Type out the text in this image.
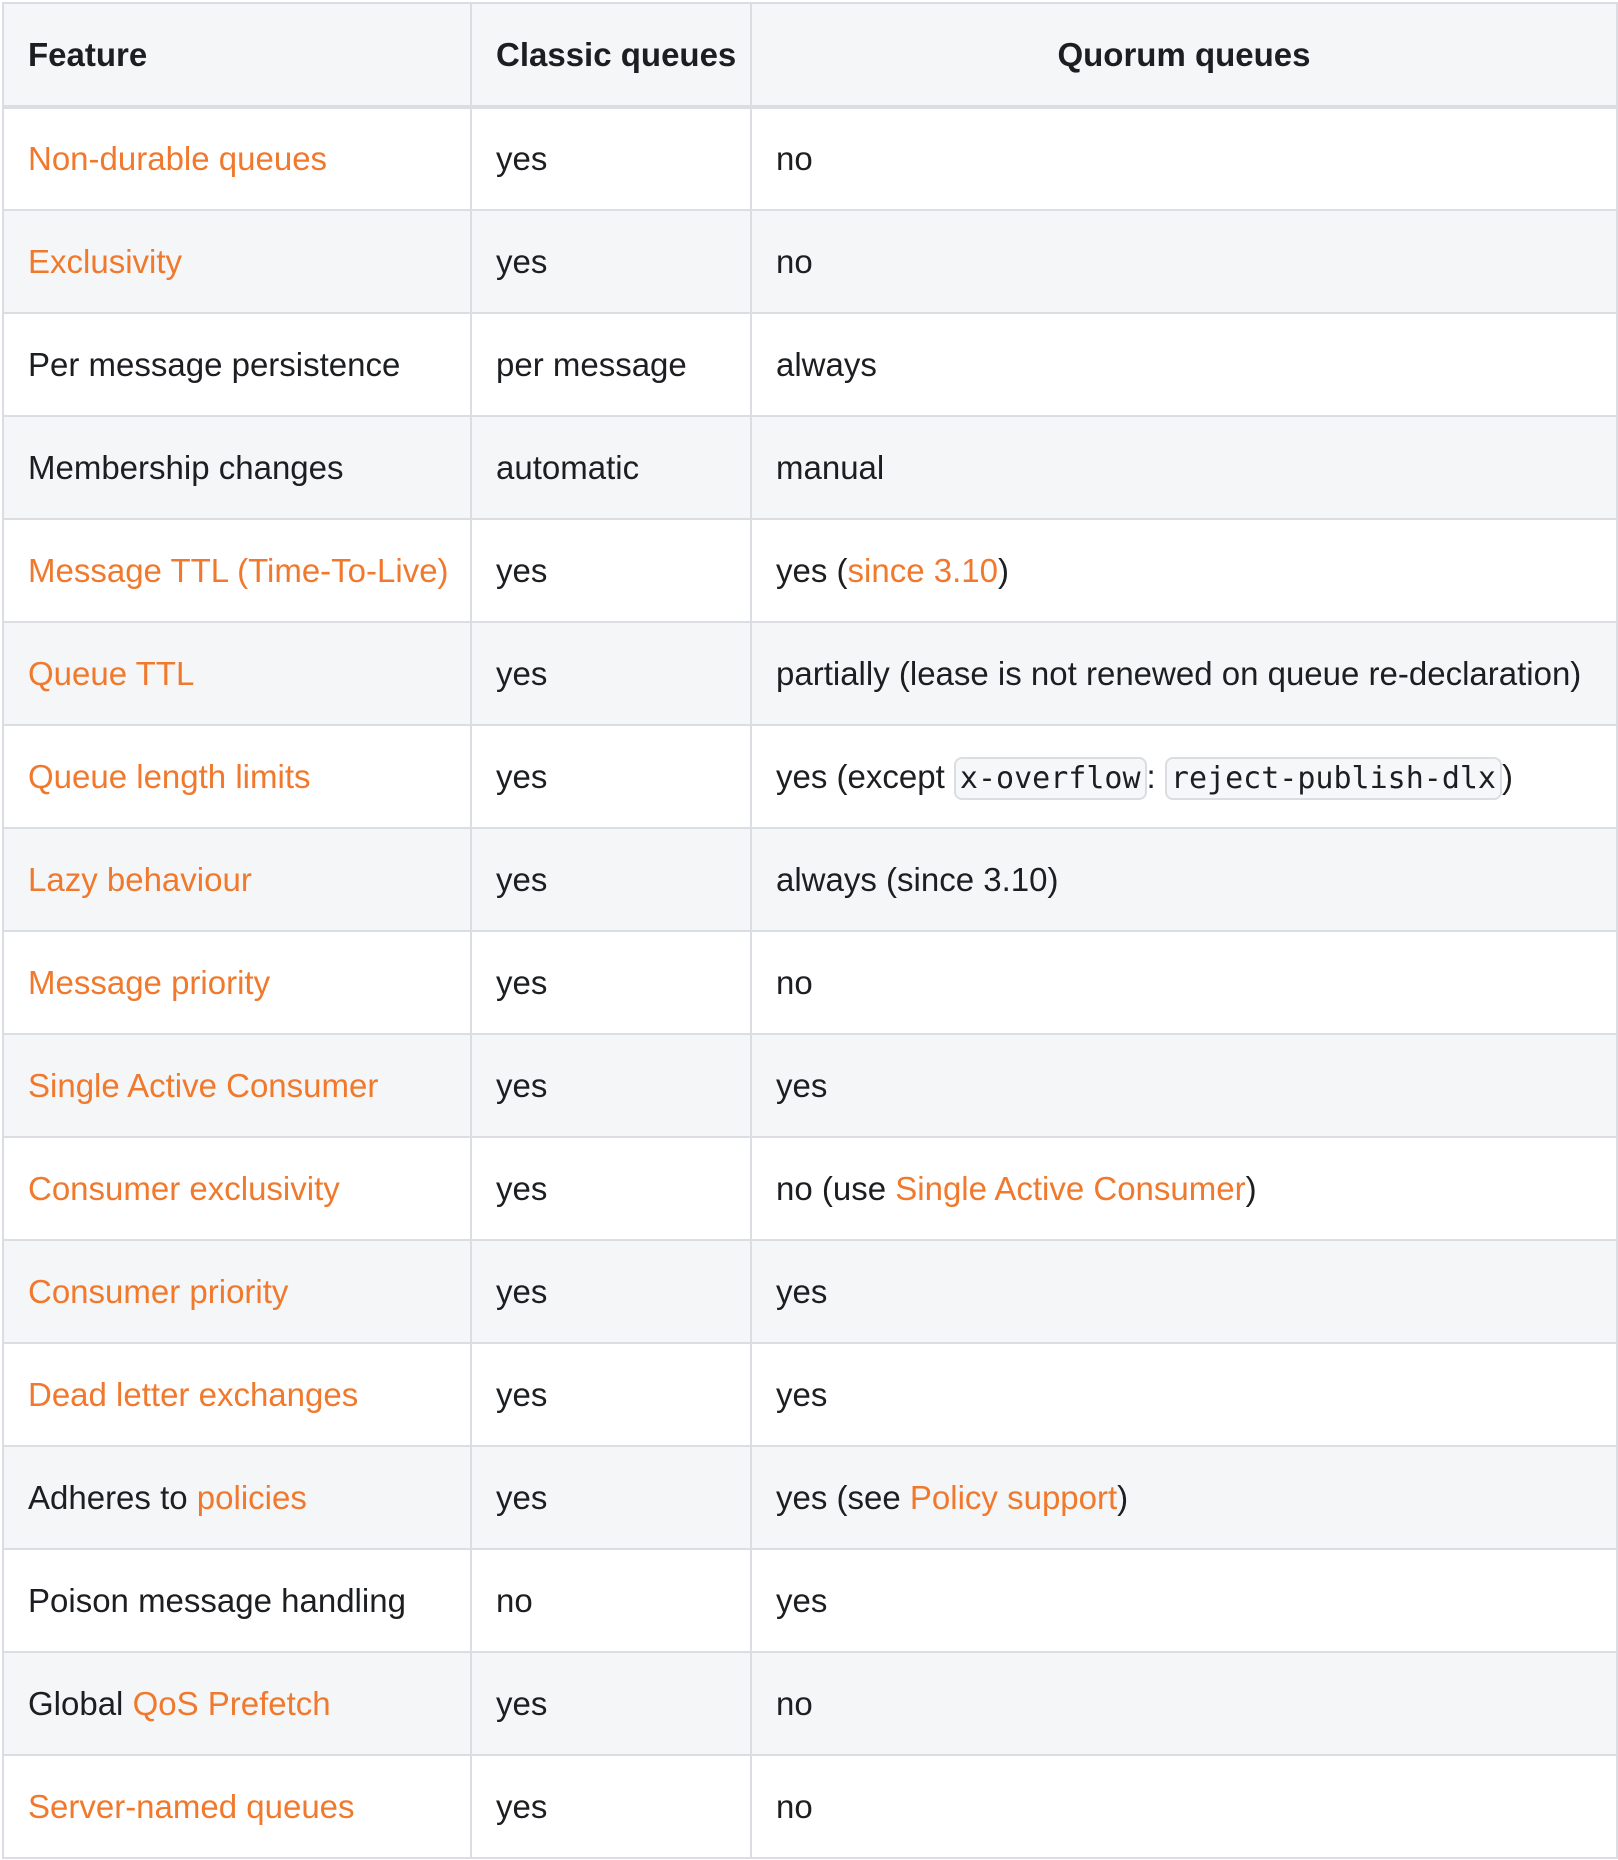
Feature	Classic queues	Quorum queues
Non-durable queues	yes	no
Exclusivity	yes	no
Per message persistence	per message	always
Membership changes	automatic	manual
Message TTL (Time-To-Live)	yes	yes (since 3.10)
Queue TTL	yes	partially (lease is not renewed on queue re-declaration)
Queue length limits	yes	yes (except x-overflow : reject-publish-dlx )
Lazy behaviour	yes	always (since 3.10)
Message priority	yes	no
Single Active Consumer	yes	yes
Consumer exclusivity	yes	no (use Single Active Consumer)
Consumer priority	yes	yes
Dead letter exchanges	yes	yes
Adheres to policies	yes	yes (see Policy support)
Poison message handling	no	yes
Global QoS Prefetch	yes	no
Server-named queues	yes	no
